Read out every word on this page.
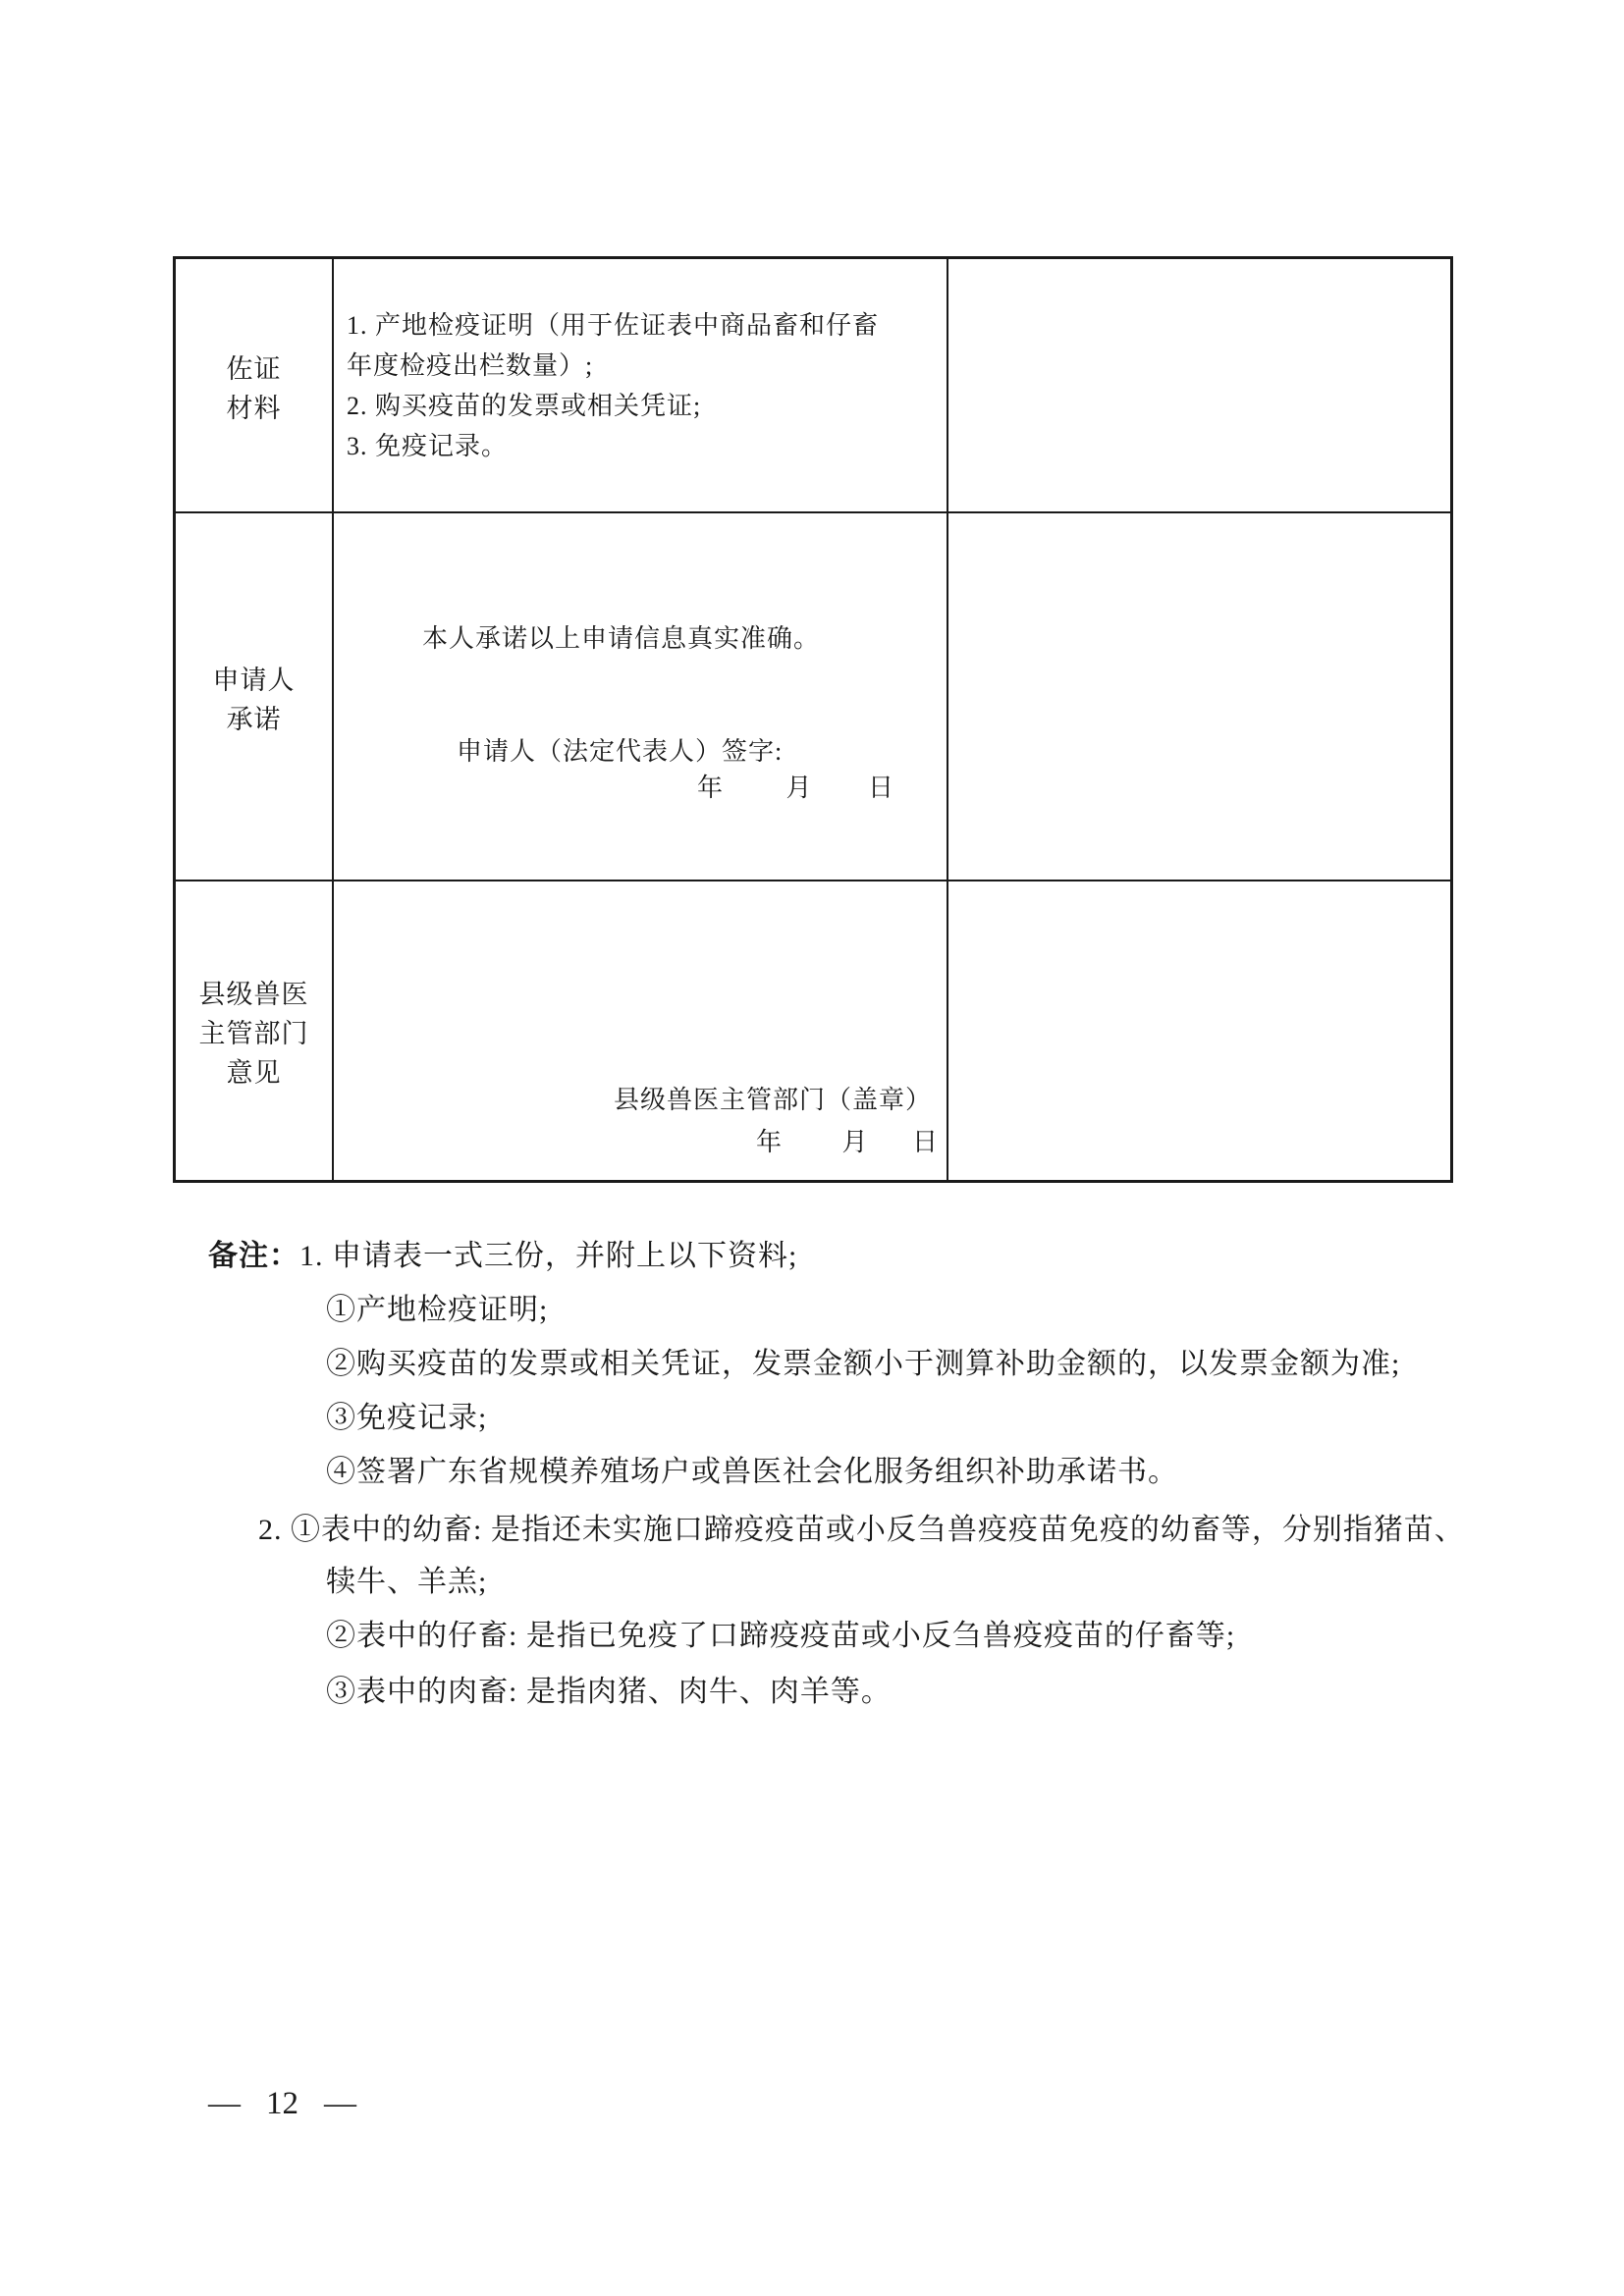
佐证
材料
1. 产地检疫证明（用于佐证表中商品畜和仔畜
年度检疫出栏数量）;
2. 购买疫苗的发票或相关凭证;
3. 免疫记录。
申请人
承诺
本人承诺以上申请信息真实准确。
申请人（法定代表人）签字:
年 月 日
县级兽医
主管部门
意见
县级兽医主管部门（盖章）
年 月 日
备注：1. 申请表一式三份，并附上以下资料;
①产地检疫证明;
②购买疫苗的发票或相关凭证，发票金额小于测算补助金额的，以发票金额为准;
③免疫记录;
④签署广东省规模养殖场户或兽医社会化服务组织补助承诺书。
2. ①表中的幼畜: 是指还未实施口蹄疫疫苗或小反刍兽疫疫苗免疫的幼畜等，分别指猪苗、
犊牛、羊羔;
②表中的仔畜: 是指已免疫了口蹄疫疫苗或小反刍兽疫疫苗的仔畜等;
③表中的肉畜: 是指肉猪、肉牛、肉羊等。
— 12 —
